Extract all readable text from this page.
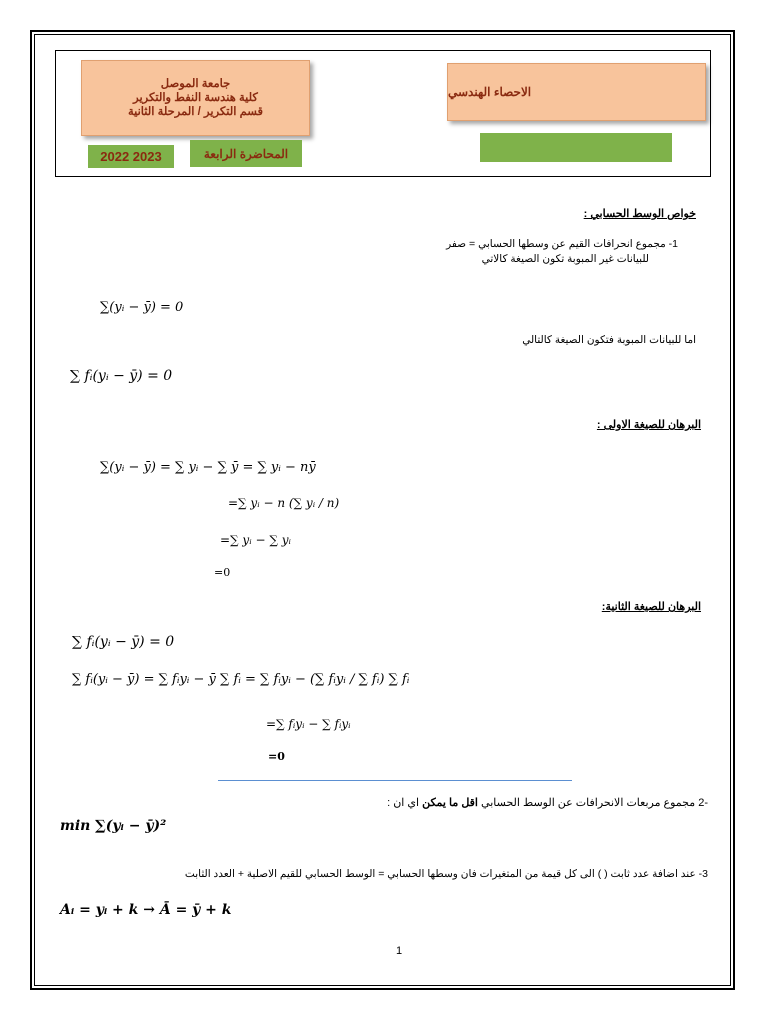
جامعة الموصل
كلية هندسة النفط والتكرير
قسم التكرير / المرحلة الثانية
الاحصاء الهندسي
2022 2023	المحاضرة الرابعة
خواص الوسط الحسابي :
1- مجموع انحرافات القيم عن وسطها الحسابي = صفر
للبيانات غير المبوبة تكون الصيغة كالاتي
∑(yᵢ − ȳ) = 0
اما للبيانات المبوبة فتكون الصيغة كالتالي
∑ fᵢ(yᵢ − ȳ) = 0
البرهان للصيغة الاولى :
∑(yᵢ − ȳ) = ∑ yᵢ − ∑ ȳ = ∑ yᵢ − nȳ
=∑ yᵢ − n (∑ yᵢ / n)
=∑ yᵢ − ∑ yᵢ
=0
البرهان للصيغة الثانية:
∑ fᵢ(yᵢ − ȳ) = 0
∑ fᵢ(yᵢ − ȳ) = ∑ fᵢyᵢ − ȳ ∑ fᵢ = ∑ fᵢyᵢ − (∑ fᵢyᵢ / ∑ fᵢ) ∑ fᵢ
=∑ fᵢyᵢ − ∑ fᵢyᵢ
=0
-2 مجموع مربعات الانحرافات عن الوسط الحسابي اقل ما يمكن اي ان :
min ∑(yᵢ − ȳ)²
3- عند اضافة عدد ثابت ( ) الى كل قيمة من المتغيرات فان وسطها الحسابي = الوسط الحسابي للقيم الاصلية + العدد الثابت
Aᵢ = yᵢ + k → Ā = ȳ + k
1
